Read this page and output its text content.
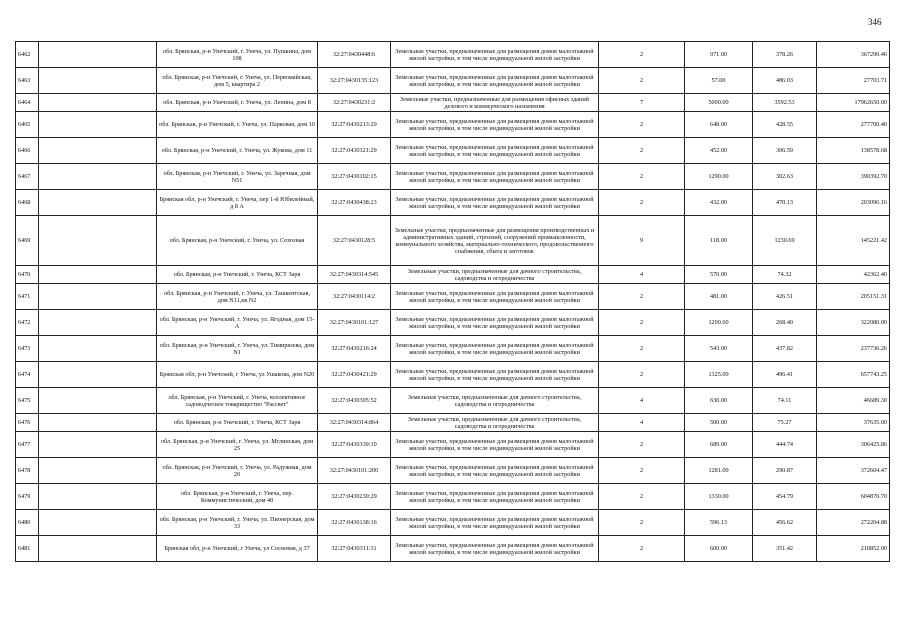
346
6462		обл. Брянская, р-н Унечский, г. Унеча, ул. Пушкина, дом 108	32:27:0430448:6	Земельные участки, предназначенные для размещения домов малоэтажной жилой застройки, в том числе индивидуальной жилой застройки	2	971.00	378.26	367290.46
6463		обл. Брянская, р-н Унечский, г. Унеча, ул. Первомайская, дом 5, квартира 2	32:27:0430135:123	Земельные участки, предназначенные для размещения домов малоэтажной жилой застройки, в том числе индивидуальной жилой застройки	2	57.00	486.03	27703.71
6464		обл. Брянская, р-н Унечский, г. Унеча, ул. Ленина, дом 8	32:27:0430231:2	Земельные участки, предназначенные для размещения офисных зданий делового и коммерческого назначения	7	5000.00	3592.53	17962650.00
6465		обл. Брянская, р-н Унечский, г. Унеча, ул. Парковая, дом 10	32:27:0430213:29	Земельные участки, предназначенные для размещения домов малоэтажной жилой застройки, в том числе индивидуальной жилой застройки	2	648.00	428.55	277700.40
6466		обл. Брянская, р-н Унечский, г. Унеча, ул. Жукова, дом 11	32:27:0430321:29	Земельные участки, предназначенные для размещения домов малоэтажной жилой застройки, в том числе индивидуальной жилой застройки	2	452.00	306.59	138578.68
6467		обл. Брянская, р-н Унечский, г. Унеча, ул. Заречная, дом N51	32:27:0430102:15	Земельные участки, предназначенные для размещения домов малоэтажной жилой застройки, в том числе индивидуальной жилой застройки	2	1290.00	302.63	390392.70
6468		Брянская обл, р-н Унечский, г. Унеча, пер 1-й Юбилейный, д 8 А	32:27:0430438:23	Земельные участки, предназначенные для размещения домов малоэтажной жилой застройки, в том числе индивидуальной жилой застройки	2	432.00	470.13	203096.16
6469		обл. Брянская, р-н Унечский, г. Унеча, ул. Сохозная	32:27:0430128:5	Земельные участки, предназначенные для размещения производственных и административных зданий, строений, сооружений промышленности, коммунального хозяйства, материально-технического, продовольственного снабжения, сбыта и заготовок	9	118.00	1230.69	145221.42
6470		обл. Брянская, р-н Унечский, г. Унеча, КСТ Заря	32:27:0430314:545	Земельные участки, предназначенные для дачного строительства, садоводства и огородничества	4	570.00	74.32	42362.40
6471		обл. Брянская, р-н Унечский, г. Унеча, ул. Ташкентская, дом N11,кв.N2	32:27:0430114:2	Земельные участки, предназначенные для размещения домов малоэтажной жилой застройки, в том числе индивидуальной жилой застройки	2	481.00	426.51	205151.31
6472		обл. Брянская, р-н Унечский, г. Унеча, ул. Ягодная, дом 15-А	32:27:0430101:127	Земельные участки, предназначенные для размещения домов малоэтажной жилой застройки, в том числе индивидуальной жилой застройки	2	1200.00	268.40	322080.00
6473		обл. Брянская, р-н Унечский, г. Унеча, ул. Тимирязева, дом N1	32:27:0430216:24	Земельные участки, предназначенные для размещения домов малоэтажной жилой застройки, в том числе индивидуальной жилой застройки	2	543.00	437.82	237736.26
6474		Брянская обл, р-н Унечский, г Унеча, ул Ушакова, дом N20	32:27:0430421:29	Земельные участки, предназначенные для размещения домов малоэтажной жилой застройки, в том числе индивидуальной жилой застройки	2	1325.00	496.41	657743.25
6475		обл. Брянская, р-н Унечский, г. Унеча, коллективное садоводческое товарищество "Рассвет"	32:27:0430305:52	Земельные участки, предназначенные для дачного строительства, садоводства и огородничества	4	630.00	74.11	46689.30
6476		обл. Брянская, р-н Унечский, г. Унеча, КСТ Заря	32:27:0430314:864	Земельные участки, предназначенные для дачного строительства, садоводства и огородничества	4	500.00	75.27	37635.00
6477		обл. Брянская, р-н Унечский, г. Унеча, ул. Мглинская, дом 25	32:27:0430339:10	Земельные участки, предназначенные для размещения домов малоэтажной жилой застройки, в том числе индивидуальной жилой застройки	2	689.00	444.74	306425.86
6478		обл. Брянская, р-н Унечский, г. Унеча, ул. Радужная, дом 20	32:27:0430101:200	Земельные участки, предназначенные для размещения домов малоэтажной жилой застройки, в том числе индивидуальной жилой застройки	2	1281.00	290.87	372604.47
6479		обл. Брянская, р-н Унечский, г. Унеча, пер. Коммунистический, дом 40	32:27:0430230:29	Земельные участки, предназначенные для размещения домов малоэтажной жилой застройки, в том числе индивидуальной жилой застройки	2	1330.00	454.79	604870.70
6480		обл. Брянская, р-н Унечский, г. Унеча, ул. Пионерская, дом 33	32:27:0430138:16	Земельные участки, предназначенные для размещения домов малоэтажной жилой застройки, в том числе индивидуальной жилой застройки	2	596.13	456.62	272204.88
6481		Брянская обл, р-н Унечский, г Унеча, ул Сосновая, д 37	32:27:0430311:31	Земельные участки, предназначенные для размещения домов малоэтажной жилой застройки, в том числе индивидуальной жилой застройки	2	600.00	351.42	210852.00
